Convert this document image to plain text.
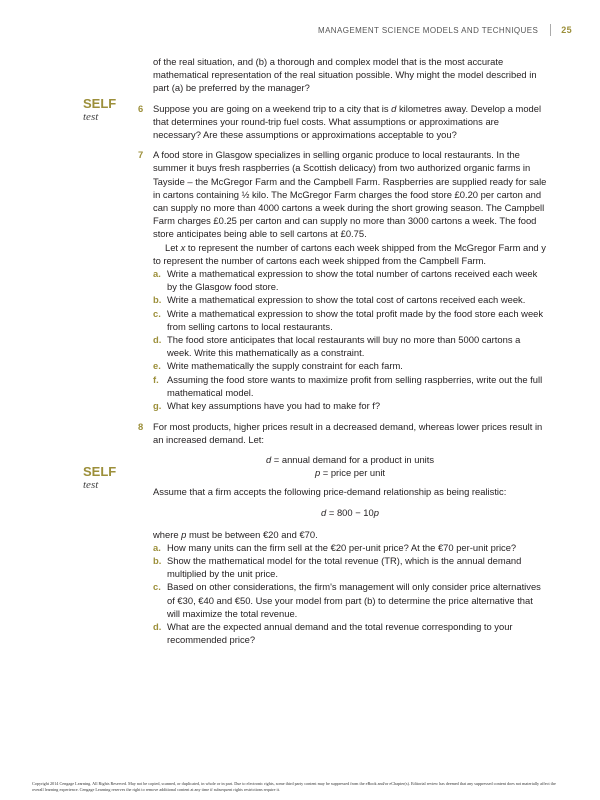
MANAGEMENT SCIENCE MODELS AND TECHNIQUES	25
SELF
test
SELF
test

of the real situation, and (b) a thorough and complex model that is the most accurate mathematical representation of the real situation possible. Why might the model described in part (a) be preferred by the manager?

6 Suppose you are going on a weekend trip to a city that is d kilometres away. Develop a model that determines your round-trip fuel costs. What assumptions or approximations are necessary? Are these assumptions or approximations acceptable to you?

7 A food store in Glasgow specializes in selling organic produce to local restaurants. In the summer it buys fresh raspberries (a Scottish delicacy) from two authorized organic farms in Tayside – the McGregor Farm and the Campbell Farm. Raspberries are supplied ready for sale in cartons containing ½ kilo. The McGregor Farm charges the food store £0.20 per carton and can supply no more than 4000 cartons a week during the short growing season. The Campbell Farm charges £0.25 per carton and can supply no more than 3000 cartons a week. The food store anticipates being able to sell cartons at £0.75.

Let x to represent the number of cartons each week shipped from the McGregor Farm and y to represent the number of cartons each week shipped from the Campbell Farm.

a. Write a mathematical expression to show the total number of cartons received each week by the Glasgow food store.
b. Write a mathematical expression to show the total cost of cartons received each week.
c. Write a mathematical expression to show the total profit made by the food store each week from selling cartons to local restaurants.
d. The food store anticipates that local restaurants will buy no more than 5000 cartons a week. Write this mathematically as a constraint.
e. Write mathematically the supply constraint for each farm.
f. Assuming the food store wants to maximize profit from selling raspberries, write out the full mathematical model.
g. What key assumptions have you had to make for f?
8 For most products, higher prices result in a decreased demand, whereas lower prices result in an increased demand. Let:

d = annual demand for a product in units

p = price per unit

Assume that a firm accepts the following price-demand relationship as being realistic:

d = 800 − 10p

where p must be between €20 and €70.

a. How many units can the firm sell at the €20 per-unit price? At the €70 per-unit price?
b. Show the mathematical model for the total revenue (TR), which is the annual demand multiplied by the unit price.
c. Based on other considerations, the firm's management will only consider price alternatives of €30, €40 and €50. Use your model from part (b) to determine the price alternative that will maximize the total revenue.
d. What are the expected annual demand and the total revenue corresponding to your recommended price?
Copyright 2014 Cengage Learning. All Rights Reserved. May not be copied, scanned, or duplicated, in whole or in part. Due to electronic rights, some third party content may be suppressed from the eBook and/or eChapter(s). Editorial review has deemed that any suppressed content does not materially affect the overall learning experience. Cengage Learning reserves the right to remove additional content at any time if subsequent rights restrictions require it.
